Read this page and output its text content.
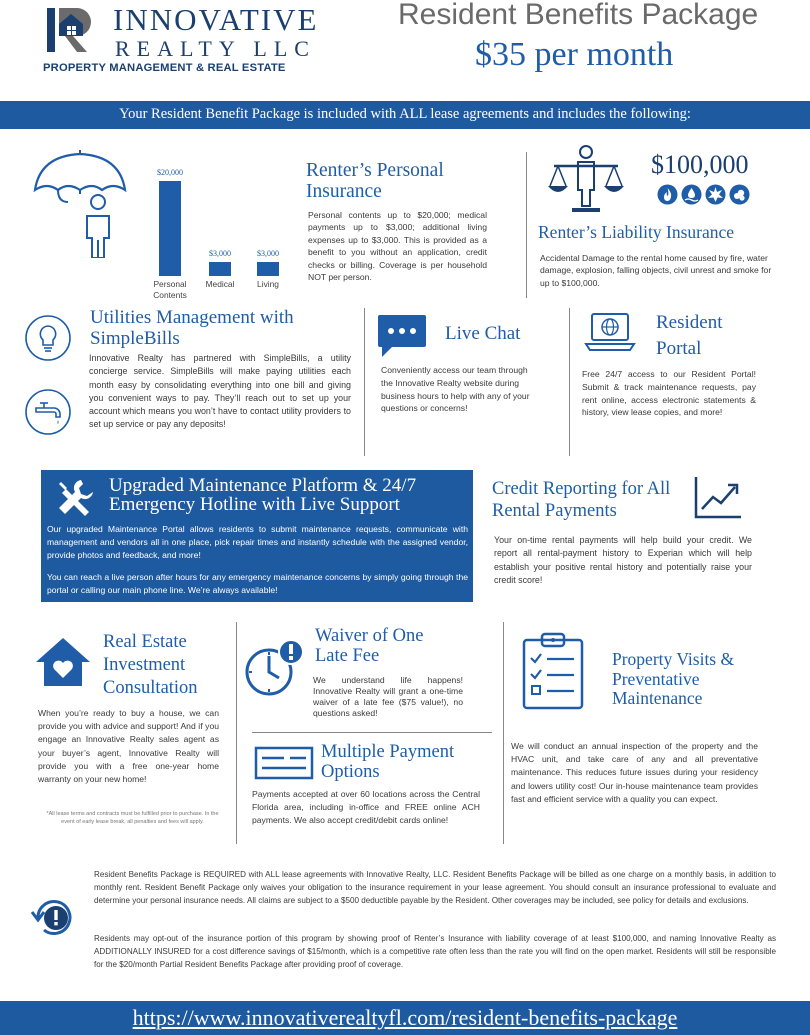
INNOVATIVE
REALTY LLC
PROPERTY MANAGEMENT & REAL ESTATE
Resident Benefits Package
$35 per month
Your Resident Benefit Package is included with ALL lease agreements and includes the following:
$20,000
Personal Contents
$3,000
Medical
$3,000
Living
Renter’s Personal Insurance
Personal contents up to $20,000; medical payments up to $3,000; additional living expenses up to $3,000. This is provided as a benefit to you without an application, credit checks or billing. Coverage is per household NOT per person.
$100,000
Renter’s Liability Insurance
Accidental Damage to the rental home caused by fire, water damage, explosion, falling objects, civil unrest and smoke for up to $100,000.
Utilities Management with SimpleBills
Innovative Realty has partnered with SimpleBills, a utility concierge service. SimpleBills will make paying utilities each month easy by consolidating everything into one bill and giving you convenient ways to pay. They’ll reach out to set up your account which means you won’t have to contact utility providers to set up service or pay any deposits!
Live Chat
Conveniently access our team through the Innovative Realty website during business hours to help with any of your questions or concerns!
Resident Portal
Free 24/7 access to our Resident Portal! Submit & track maintenance requests, pay rent online, access electronic statements & history, view lease copies, and more!
Upgraded Maintenance Platform & 24/7 Emergency Hotline with Live Support
Our upgraded Maintenance Portal allows residents to submit maintenance requests, communicate with management and vendors all in one place, pick repair times and instantly schedule with the assigned vendor, provide photos and feedback, and more!
You can reach a live person after hours for any emergency maintenance concerns by simply going through the portal or calling our main phone line. We’re always available!
Credit Reporting for All Rental Payments
Your on-time rental payments will help build your credit. We report all rental-payment history to Experian which will help establish your positive rental history and potentially raise your credit score!
Real Estate Investment Consultation
When you’re ready to buy a house, we can provide you with advice and support! And if you engage an Innovative Realty sales agent as your buyer’s agent, Innovative Realty will provide you with a free one-year home warranty on your new home!
*All lease terms and contracts must be fulfilled prior to purchase. In the event of early lease break, all penalties and fees will apply.
Waiver of One Late Fee
We understand life happens! Innovative Realty will grant a one-time waiver of a late fee ($75 value!), no questions asked!
Multiple Payment Options
Payments accepted at over 60 locations across the Central Florida area, including in-office and FREE online ACH payments. We also accept credit/debit cards online!
Property Visits & Preventative Maintenance
We will conduct an annual inspection of the property and the HVAC unit, and take care of any and all preventative maintenance. This reduces future issues during your residency and lowers utility cost! Our in-house maintenance team provides fast and efficient service with a quality you can expect.
Resident Benefits Package is REQUIRED with ALL lease agreements with Innovative Realty, LLC. Resident Benefits Package will be billed as one charge on a monthly basis, in addition to monthly rent. Resident Benefit Package only waives your obligation to the insurance requirement in your lease agreement. You should consult an insurance professional to evaluate and determine your personal insurance needs. All claims are subject to a $500 deductible payable by the Resident. Other coverages may be included, see policy for details and exclusions.
Residents may opt-out of the insurance portion of this program by showing proof of Renter’s Insurance with liability coverage of at least $100,000, and naming Innovative Realty as ADDITIONALLY INSURED for a cost difference savings of $15/month, which is a competitive rate often less than the rate you will find on the open market. Residents will still be responsible for the $20/month Partial Resident Benefits Package after providing proof of coverage.
https://www.innovativerealtyfl.com/resident-benefits-package
